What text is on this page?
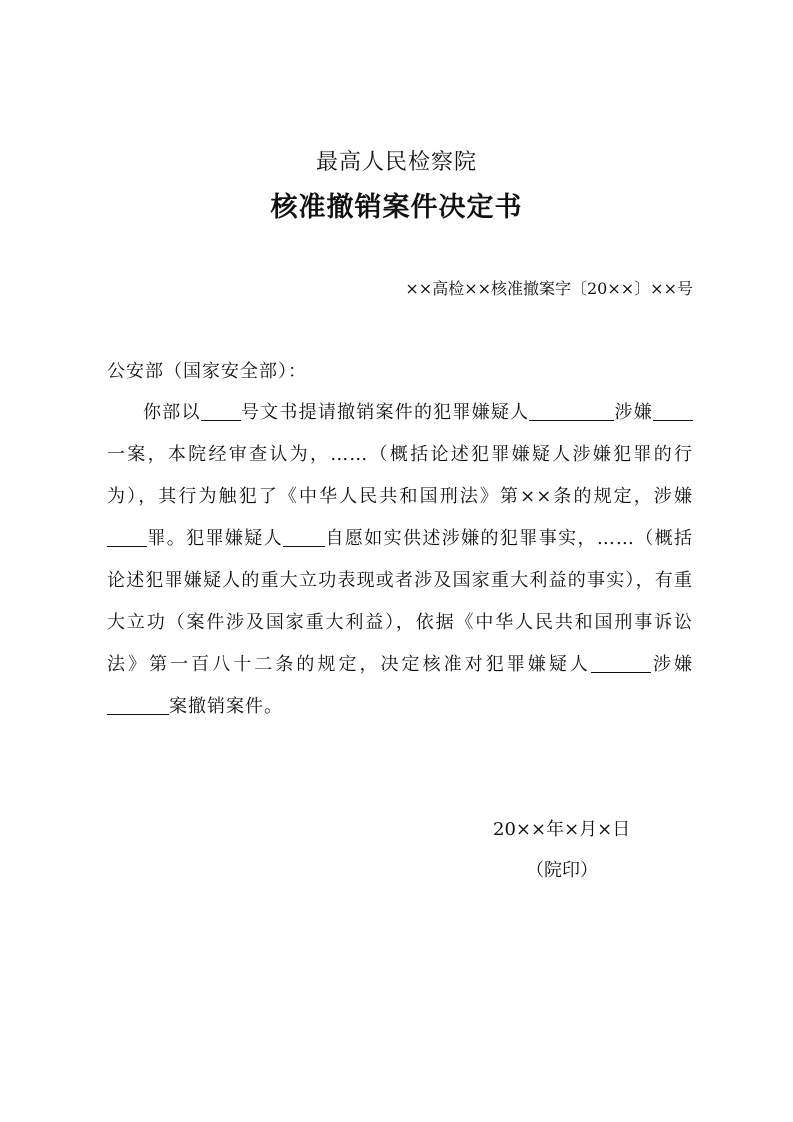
最高人民检察院
核准撤销案件决定书
××高检××核准撤案字〔20××〕××号
公安部（国家安全部）：

你部以 号文书提请撤销案件的犯罪嫌疑人	涉嫌一案，本院经审查认为，……（概括论述犯罪嫌疑人涉嫌犯罪的行为），其行为触犯了《中华人民共和国刑法》第××条的规定，涉嫌罪。犯罪嫌疑人 自愿如实供述涉嫌的犯罪事实，……（概括论述犯罪嫌疑人的重大立功表现或者涉及国家重大利益的事实），有重大立功（案件涉及国家重大利益），依据《中华人民共和国刑事诉讼法》第一百八十二条的规定，决定核准对犯罪嫌疑人	涉嫌案撤销案件。

20××年×月×日
（院印）
